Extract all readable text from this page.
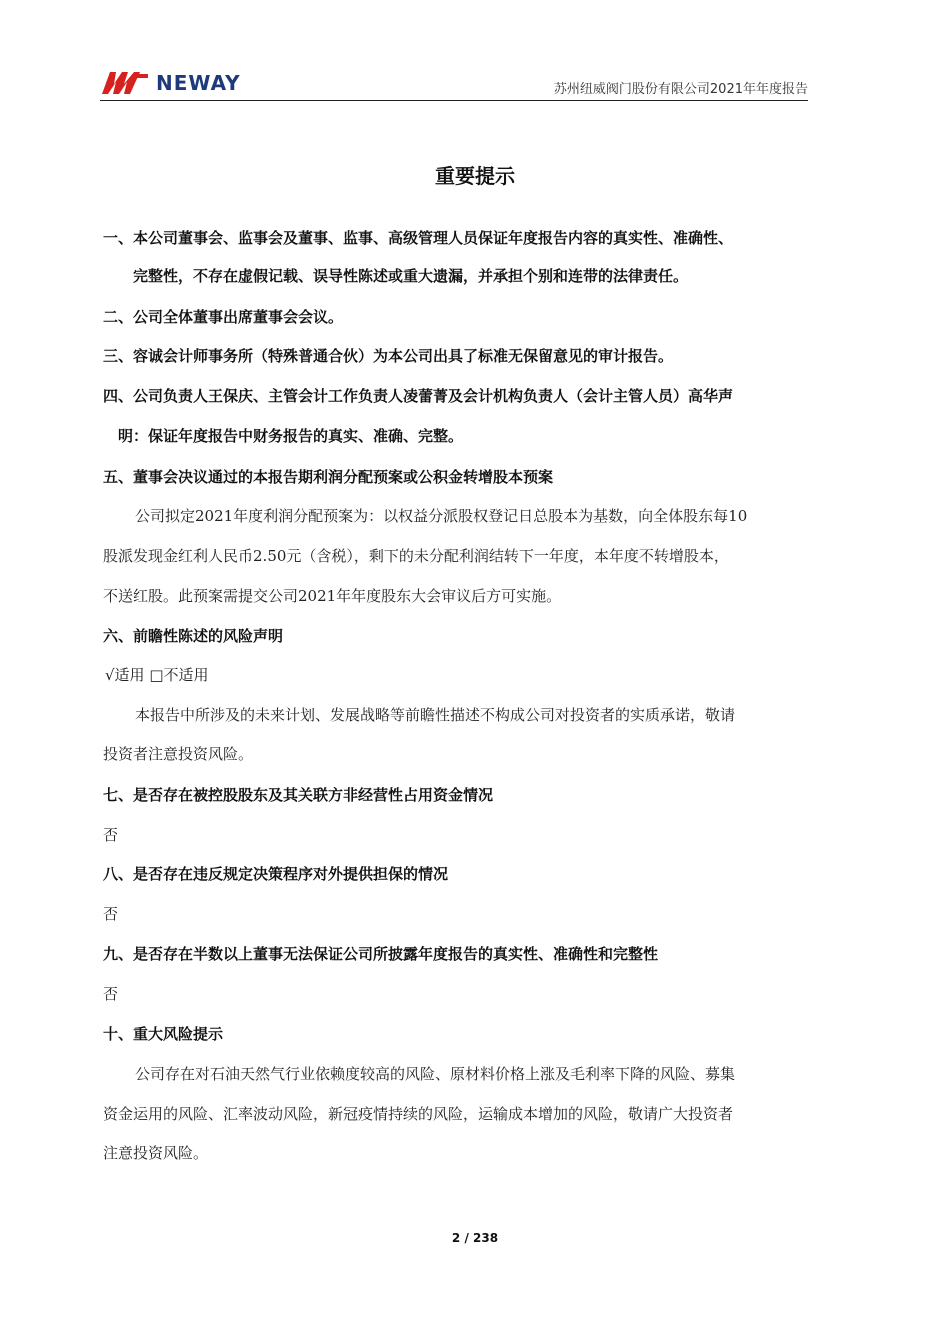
NEWAY	苏州纽威阀门股份有限公司2021年年度报告
重要提示
一、本公司董事会、监事会及董事、监事、高级管理人员保证年度报告内容的真实性、准确性、
完整性，不存在虚假记载、误导性陈述或重大遗漏，并承担个别和连带的法律责任。
二、公司全体董事出席董事会会议。
三、容诚会计师事务所（特殊普通合伙）为本公司出具了标准无保留意见的审计报告。
四、公司负责人王保庆、主管会计工作负责人凌蕾菁及会计机构负责人（会计主管人员）高华声
明：保证年度报告中财务报告的真实、准确、完整。
五、董事会决议通过的本报告期利润分配预案或公积金转增股本预案
公司拟定2021年度利润分配预案为：以权益分派股权登记日总股本为基数，向全体股东每10
股派发现金红利人民币2.50元（含税），剩下的未分配利润结转下一年度，本年度不转增股本，
不送红股。此预案需提交公司2021年年度股东大会审议后方可实施。
六、前瞻性陈述的风险声明
√适用 □不适用
本报告中所涉及的未来计划、发展战略等前瞻性描述不构成公司对投资者的实质承诺，敬请
投资者注意投资风险。
七、是否存在被控股股东及其关联方非经营性占用资金情况
否
八、是否存在违反规定决策程序对外提供担保的情况
否
九、是否存在半数以上董事无法保证公司所披露年度报告的真实性、准确性和完整性
否
十、重大风险提示
公司存在对石油天然气行业依赖度较高的风险、原材料价格上涨及毛利率下降的风险、募集
资金运用的风险、汇率波动风险，新冠疫情持续的风险，运输成本增加的风险，敬请广大投资者
注意投资风险。
2 / 238
